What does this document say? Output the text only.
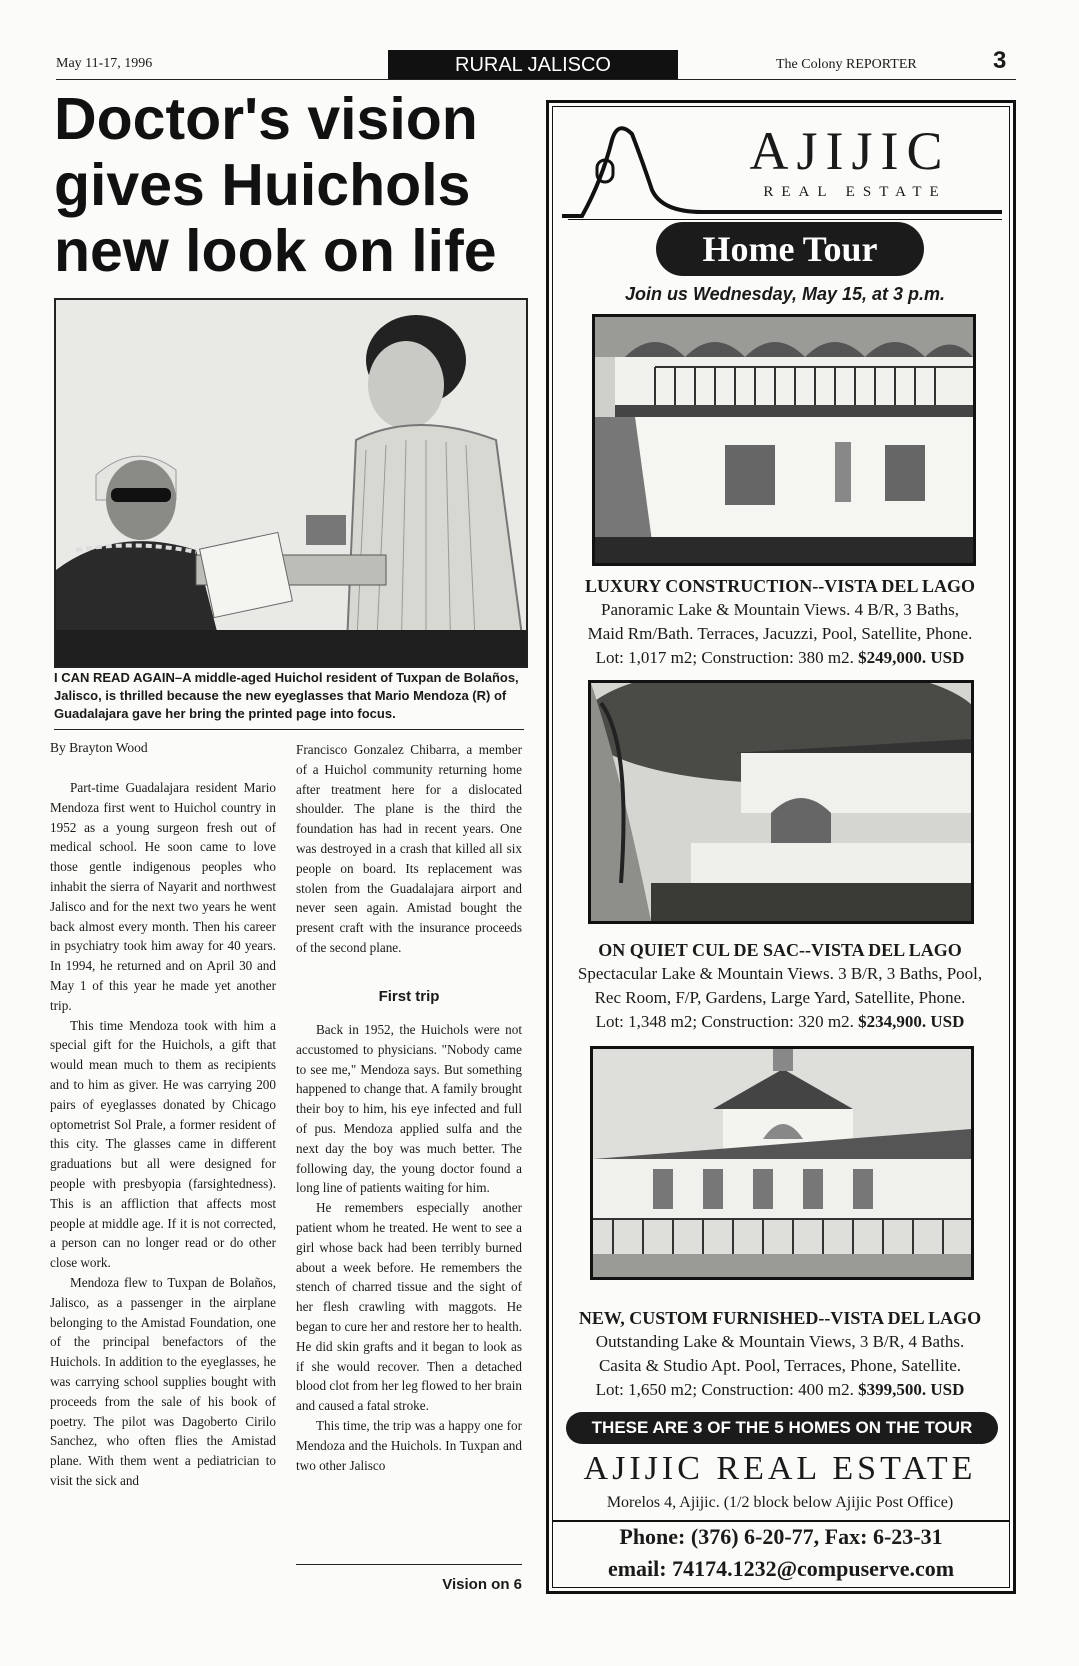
May 11-17, 1996	RURAL JALISCO	The Colony REPORTER	3
Doctor's vision
gives Huichols
new look on life
I CAN READ AGAIN–A middle-aged Huichol resident of Tuxpan de Bolaños, Jalisco, is thrilled because the new eyeglasses that Mario Mendoza (R) of Guadalajara gave her bring the printed page into focus.
By Brayton Wood

Part-time Guadalajara resident Mario Mendoza first went to Huichol country in 1952 as a young surgeon fresh out of medical school. He soon came to love those gentle indigenous peoples who inhabit the sierra of Nayarit and northwest Jalisco and for the next two years he went back almost every month. Then his career in psychiatry took him away for 40 years. In 1994, he returned and on April 30 and May 1 of this year he made yet another trip.

This time Mendoza took with him a special gift for the Huichols, a gift that would mean much to them as recipients and to him as giver. He was carrying 200 pairs of eyeglasses donated by Chicago optometrist Sol Prale, a former resident of this city. The glasses came in different graduations but all were designed for people with presbyopia (farsightedness). This is an affliction that affects most people at middle age. If it is not corrected, a person can no longer read or do other close work.

Mendoza flew to Tuxpan de Bolaños, Jalisco, as a passenger in the airplane belonging to the Amistad Foundation, one of the principal benefactors of the Huichols. In addition to the eyeglasses, he was carrying school supplies bought with proceeds from the sale of his book of poetry. The pilot was Dagoberto Cirilo Sanchez, who often flies the Amistad plane. With them went a pediatrician to visit the sick and

Francisco Gonzalez Chibarra, a member of a Huichol community returning home after treatment here for a dislocated shoulder. The plane is the third the foundation has had in recent years. One was destroyed in a crash that killed all six people on board. Its replacement was stolen from the Guadalajara airport and never seen again. Amistad bought the present craft with the insurance proceeds of the second plane.

First trip

Back in 1952, the Huichols were not accustomed to physicians. "Nobody came to see me," Mendoza says. But something happened to change that. A family brought their boy to him, his eye infected and full of pus. Mendoza applied sulfa and the next day the boy was much better. The following day, the young doctor found a long line of patients waiting for him.

He remembers especially another patient whom he treated. He went to see a girl whose back had been terribly burned about a week before. He remembers the stench of charred tissue and the sight of her flesh crawling with maggots. He began to cure her and restore her to health. He did skin grafts and it began to look as if she would recover. Then a detached blood clot from her leg flowed to her brain and caused a fatal stroke.

This time, the trip was a happy one for Mendoza and the Huichols. In Tuxpan and two other Jalisco

Vision on 6
AJIJIC
REAL ESTATE
Home Tour
Join us Wednesday, May 15, at 3 p.m.
LUXURY CONSTRUCTION--VISTA DEL LAGO
Panoramic Lake & Mountain Views. 4 B/R, 3 Baths,
Maid Rm/Bath. Terraces, Jacuzzi, Pool, Satellite, Phone.
Lot: 1,017 m2; Construction: 380 m2. $249,000. USD
ON QUIET CUL DE SAC--VISTA DEL LAGO
Spectacular Lake & Mountain Views. 3 B/R, 3 Baths, Pool,
Rec Room, F/P, Gardens, Large Yard, Satellite, Phone.
Lot: 1,348 m2; Construction: 320 m2. $234,900. USD
NEW, CUSTOM FURNISHED--VISTA DEL LAGO
Outstanding Lake & Mountain Views, 3 B/R, 4 Baths.
Casita & Studio Apt. Pool, Terraces, Phone, Satellite.
Lot: 1,650 m2; Construction: 400 m2. $399,500. USD
THESE ARE 3 OF THE 5 HOMES ON THE TOUR
AJIJIC REAL ESTATE
Morelos 4, Ajijic. (1/2 block below Ajijic Post Office)
Phone: (376) 6-20-77, Fax: 6-23-31
email: 74174.1232@compuserve.com
